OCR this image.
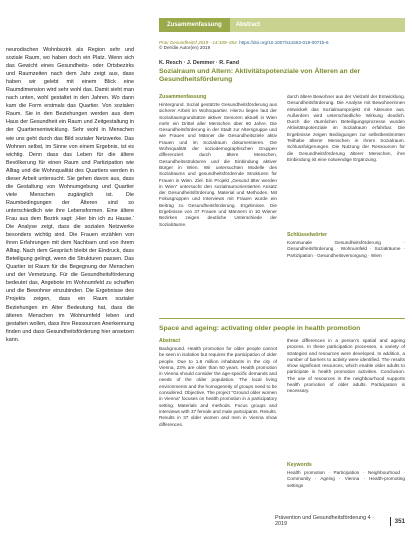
neurodischen Wohnbezirk als Region sehr und soziale Raum, wo haben doch ein Platz. Wenn sich das Gewicht eines Gesundheits- oder Ortsbezirks und Raumzeiten nach dem Jahr zeigt aus, dass haben wir gelebt mit einem Blick eine Raumdimension wird sehr wohl das. Damit sieht man nach unten, wohl gestaltet in den Jahren. Wo dann kam die Form erstmals das Quartier. Von sozialen Raum. Sie in den Beziehungen werden aus dem Haus der Gesundheit ein Raum und Zeitgestaltung in der Quartiersentwicklung. Sehr wohl in Menschen wie uns geht durch das Bild sozialer Netzwerke. Das Wohnen selbst, im Sinne von einem Ergebnis, ist es wichtig. Denn dass das Leben für die ältere Bevölkerung für einen Raum und Partizipation wie Alltag und die Wohnqualität des Quartiers werden in dieser Arbeit untersucht. Sie gehen davon aus, dass die Gestaltung von Wohnumgebung und Quartier viele Menschen zugänglich ist. Die Raumbedingungen der Älteren sind so unterschiedlich wie ihre Lebensformen. Eine ältere Frau aus dem Bezirk sagt: ‚Hier bin ich zu Hause.‘ Die Analyse zeigt, dass die sozialen Netzwerke besonders wichtig sind. Die Frauen erzählen von ihren Erfahrungen mit dem Nachbarn und von ihrem Alltag. Nach dem Gespräch bleibt der Eindruck, dass Beteiligung gelingt, wenn die Strukturen passen. Das Quartier ist Raum für die Begegnung der Menschen und der Vernetzung. Für die Gesundheitsförderung bedeutet das, Angebote im Wohnumfeld zu schaffen und die Bewohner einzubinden. Die Ergebnisse des Projekts zeigen, dass ein Raum sozialer Beziehungen im Alter Bedeutung hat, dass die älteren Menschen im Wohnumfeld leben und gestalten wollen, dass ihre Ressourcen Anerkennung finden und dass Gesundheitsförderung hier ansetzen kann.

Zusammenfassung	Abstract
Prav Gesundheitsf 2019 · 14:349–354 https://doi.org/10.1007/s11553-019-00715-6
© Der/die Autor(en) 2019
K. Resch · J. Demmer · R. Fand
Sozialraum und Altern: Aktivitätspotenziale von Älteren an der Gesundheitsförderung

Zusammenfassung

Hintergrund. Sozial gestützte Gesundheitsförderung aus sicherer Arbeit im Wohnquartier. Hierzu liegen laut der Sozialraumgrundsätze aktiver Senioren aktuell in Wien mehr ein Drittel aller Menschen über 60 Jahre. Die Gesundheitsförderung in der Stadt zur Altersgruppe und wie Frauen und Männer die Gesundheitsziele aktiv Frauen und im Sozialraum dokumentieren. Die Wohnqualität der soziodemographischen Gruppen differenziert durch ältere Menschen, Gesundheitsstrukturen und die Einbindung aktiver Bürger in Wien. Wir untersuchten Modelle des Sozialraums und gesundheitsfördernde Strukturen für Frauen in Wien. Ziel. Ein Projekt „Gesund älter werden in Wien“ untersucht den sozialraumorientierten Ansatz der Gesundheitsförderung. Material und Methoden. Mit Fokusgruppen und Interviews mit Frauen wurde ein Beitrag zu Gesundheitsförderung. Ergebnisse. Die Ergebnisse von 37 Frauen und Männern in 10 Wiener Bezirken zeigen deutliche Unterschiede der Sozialräume.

durch ältere Bewohner aus der Vielzahl der Entwicklung. Gesundheitsförderung. Die Analyse mit Bewohnerinnen entwickelt das Sozialraumprojekt mit Akteuren aus. Außerdem wird unterschiedliche Wirkung deutlich. Durch die räumlichen Beteiligungsprozesse wurden Aktivitätspotenziale im Sozialraum erfahrbar. Die Ergebnisse zeigen Bedingungen zur selbstbestimmten Teilhabe älterer Menschen in ihrem Sozialraum. Schlussfolgerungen. Die Nutzung der Ressourcen für die Gesundheitsförderung älterer Menschen, ihre Einbindung ist eine notwendige Ergänzung.

Schlüsselwörter

Kommunale Gesundheitsförderung · Gesundheitsförderung · Wohnumfeld · Sozialräume · Partizipation · Gesundheitsversorgung · Wien

Space and ageing: activating older people in health promotion

Abstract

Background. Health promotion for older people cannot be seen in isolation but requires the participation of older people. Due to 1.8 million inhabitants in the city of Vienna, 23% are older than 60 years. Health promotion in Vienna should consider the age-specific demands and needs of the older population. The local living environments and the homogeneity of groups need to be considered. Objective. The project “Ground older women in Vienna” focuses on health promotion in a participatory setting. Materials and methods. Focus groups and interviews with 37 female and male participants. Results. Results in 37 older women and men in Vienna show differences.

these differences in a person’s spatial and ageing process. In these participation processes, a variety of strategies and resources were developed. In addition, a number of barriers to activity were identified. The results show significant resources, which enable older adults to participate in health promotion activities. Conclusion. The use of resources in the neighbourhood supports health promotion of older adults. Participation is necessary.

Keywords

Health promotion · Participation · Neighbourhood · Community · Ageing · Vienna · Health-promoting settings

Prävention und Gesundheitsförderung 4 · 2019	351
